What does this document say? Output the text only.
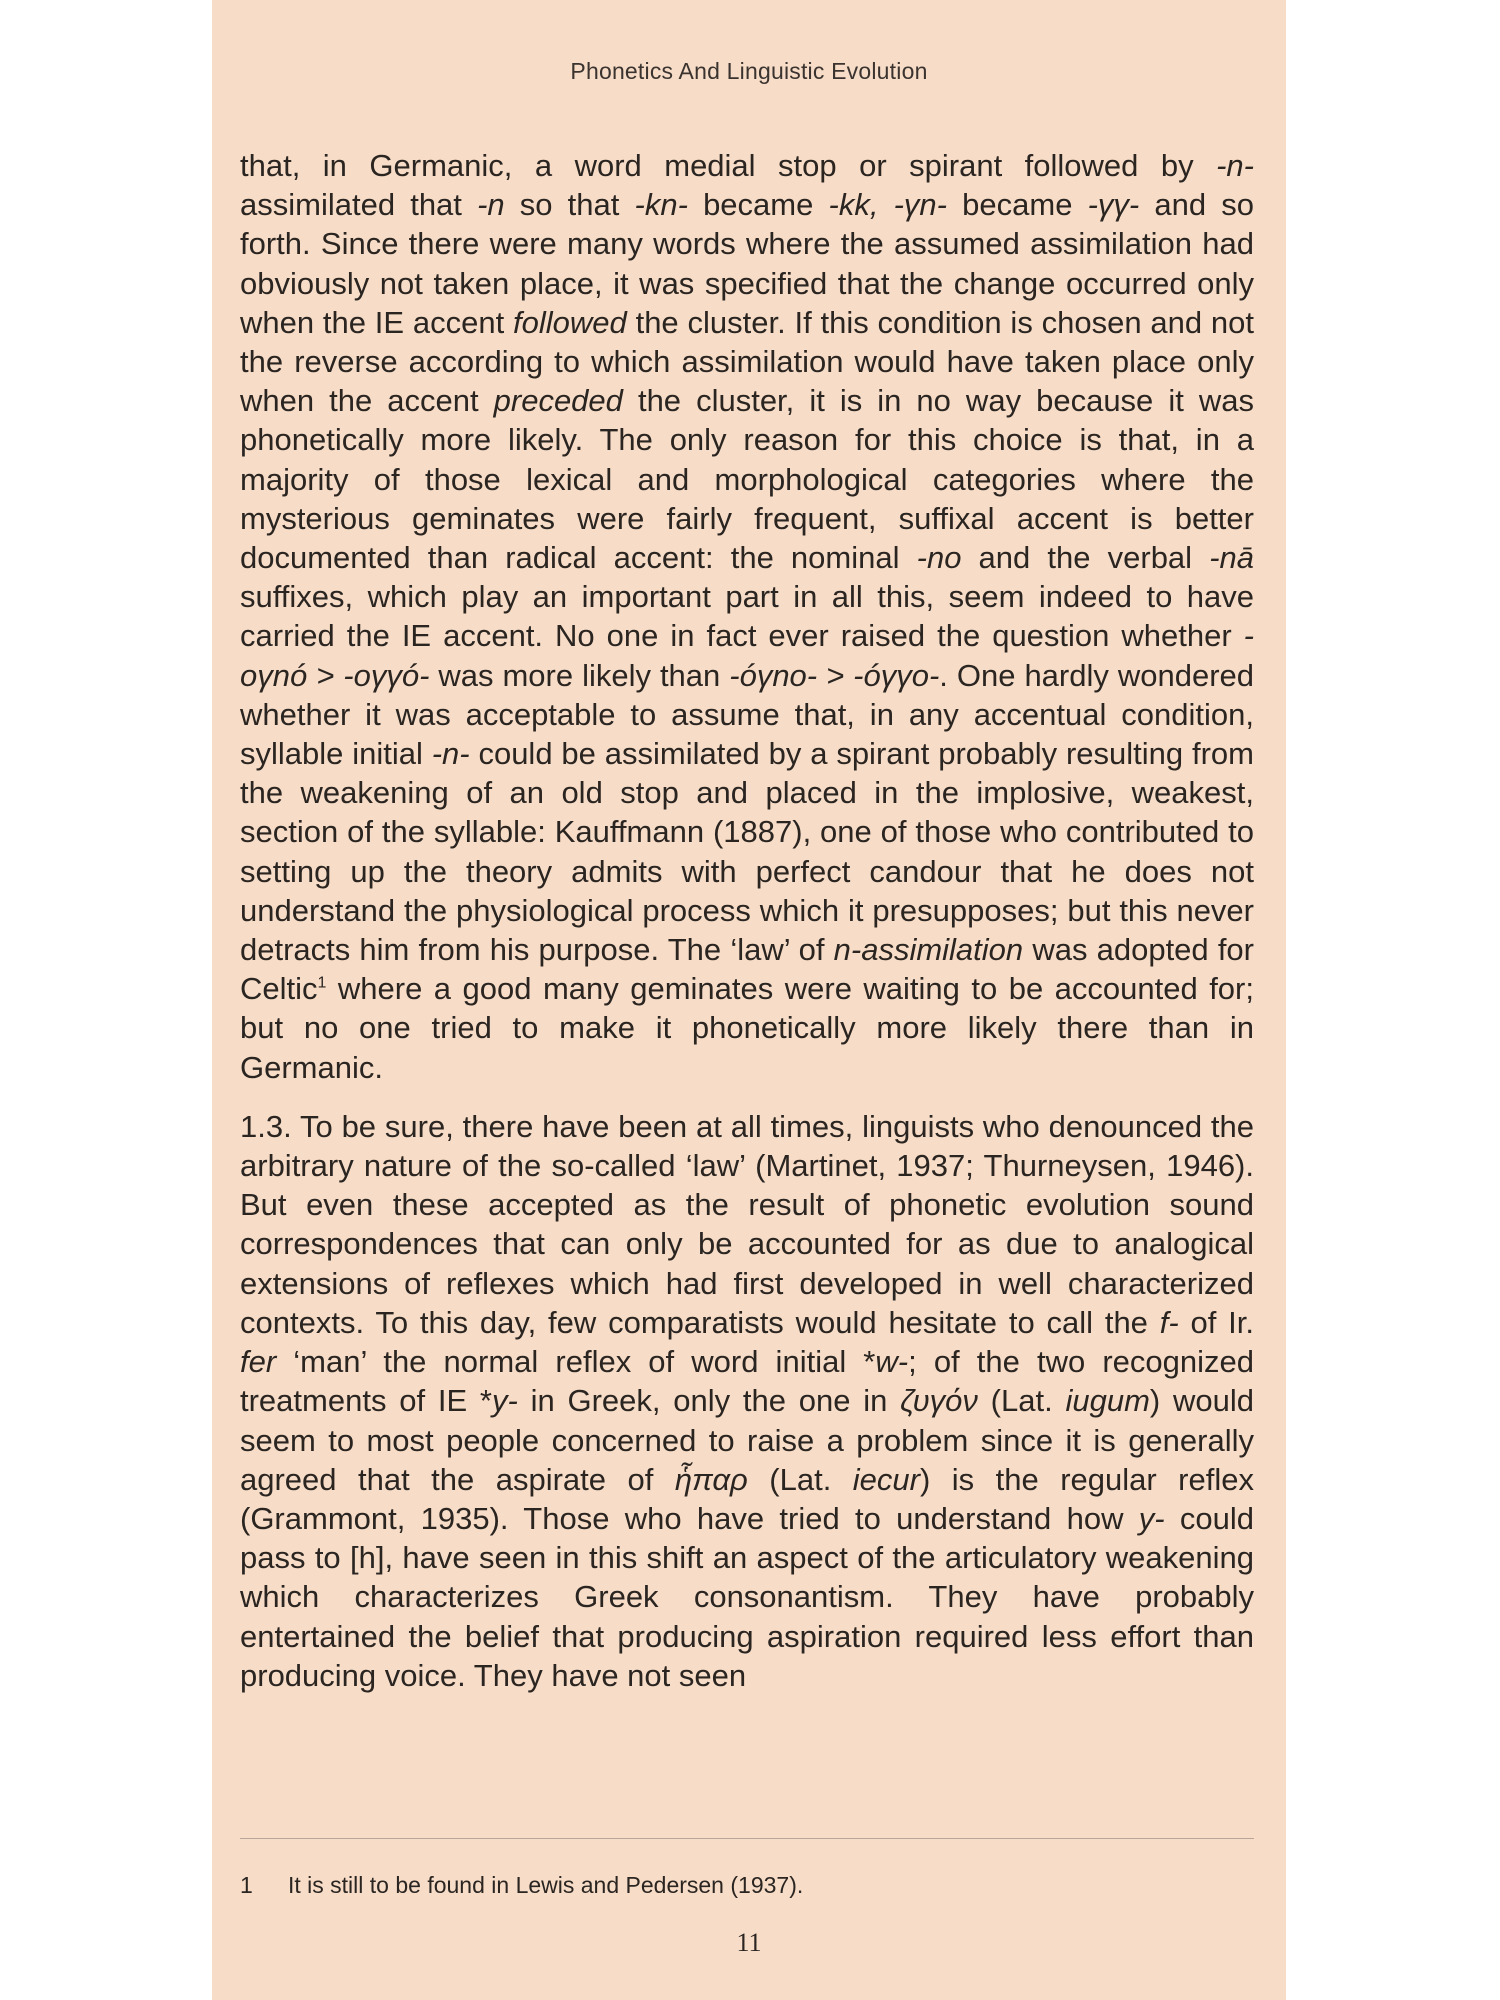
Phonetics And Linguistic Evolution

that, in Germanic, a word medial stop or spirant followed by -n- assimilated that -n so that -kn- became -kk, -γn- became -γγ- and so forth. Since there were many words where the assumed assimilation had obviously not taken place, it was specified that the change occurred only when the IE accent followed the cluster. If this condition is chosen and not the reverse according to which assimilation would have taken place only when the accent preceded the cluster, it is in no way because it was phonetically more likely. The only reason for this choice is that, in a majority of those lexical and morphological categories where the mysterious geminates were fairly frequent, suffixal accent is better documented than radical accent: the nominal -no and the verbal -nā suffixes, which play an important part in all this, seem indeed to have carried the IE accent. No one in fact ever raised the question whether -oγnó > -oγγó- was more likely than -óγno- > -óγγo-. One hardly wondered whether it was acceptable to assume that, in any accentual condition, syllable initial -n- could be assimilated by a spirant probably resulting from the weakening of an old stop and placed in the implosive, weakest, section of the syllable: Kauffmann (1887), one of those who contributed to setting up the theory admits with perfect candour that he does not understand the physiological process which it presupposes; but this never detracts him from his purpose. The ‘law’ of n-assimilation was adopted for Celtic$^1$ where a good many geminates were waiting to be accounted for; but no one tried to make it phonetically more likely there than in Germanic.

1.3. To be sure, there have been at all times, linguists who denounced the arbitrary nature of the so-called ‘law’ (Martinet, 1937; Thurneysen, 1946). But even these accepted as the result of phonetic evolution sound correspondences that can only be accounted for as due to analogical extensions of reflexes which had first developed in well characterized contexts. To this day, few comparatists would hesitate to call the f- of Ir. fer ‘man’ the normal reflex of word initial *w-; of the two recognized treatments of IE *y- in Greek, only the one in ζυγόν (Lat. iugum) would seem to most people concerned to raise a problem since it is generally agreed that the aspirate of ἧπαρ (Lat. iecur) is the regular reflex (Grammont, 1935). Those who have tried to understand how y- could pass to [h], have seen in this shift an aspect of the articulatory weakening which characterizes Greek consonantism. They have probably entertained the belief that producing aspiration required less effort than producing voice. They have not seen

1 It is still to be found in Lewis and Pedersen (1937).
11
